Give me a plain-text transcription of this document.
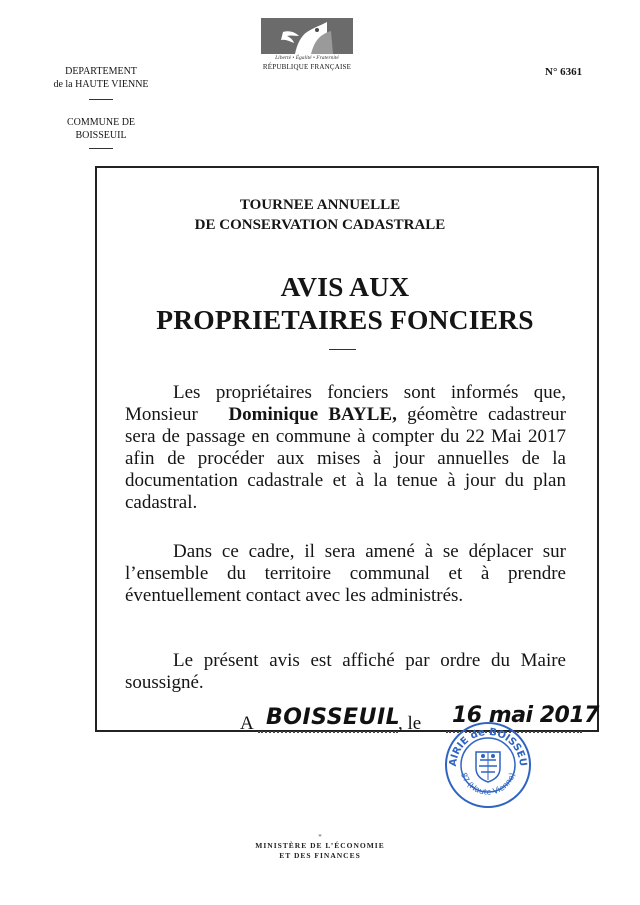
Liberté • Égalité • Fraternité
RÉPUBLIQUE FRANÇAISE
DEPARTEMENT
de la HAUTE VIENNE
COMMUNE DE
BOISSEUIL
N° 6361
TOURNEE ANNUELLE
DE CONSERVATION CADASTRALE
AVIS AUX
PROPRIETAIRES FONCIERS
Les propriétaires fonciers sont informés que, Monsieur Dominique BAYLE, géomètre cadastreur sera de passage en commune à compter du 22 Mai 2017 afin de procéder aux mises à jour annuelles de la documentation cadastrale et à la tenue à jour du plan cadastral.
Dans ce cadre, il sera amené à se déplacer sur l’ensemble du territoire communal et à prendre éventuellement contact avec les administrés.
Le présent avis est affiché par ordre du Maire soussigné.
A BOISSEUIL
, le 16 mai 2017
AIRIE de BOISSEU
87 (Haute-Vienne)
*
MINISTÈRE DE L’ÉCONOMIE
ET DES FINANCES
